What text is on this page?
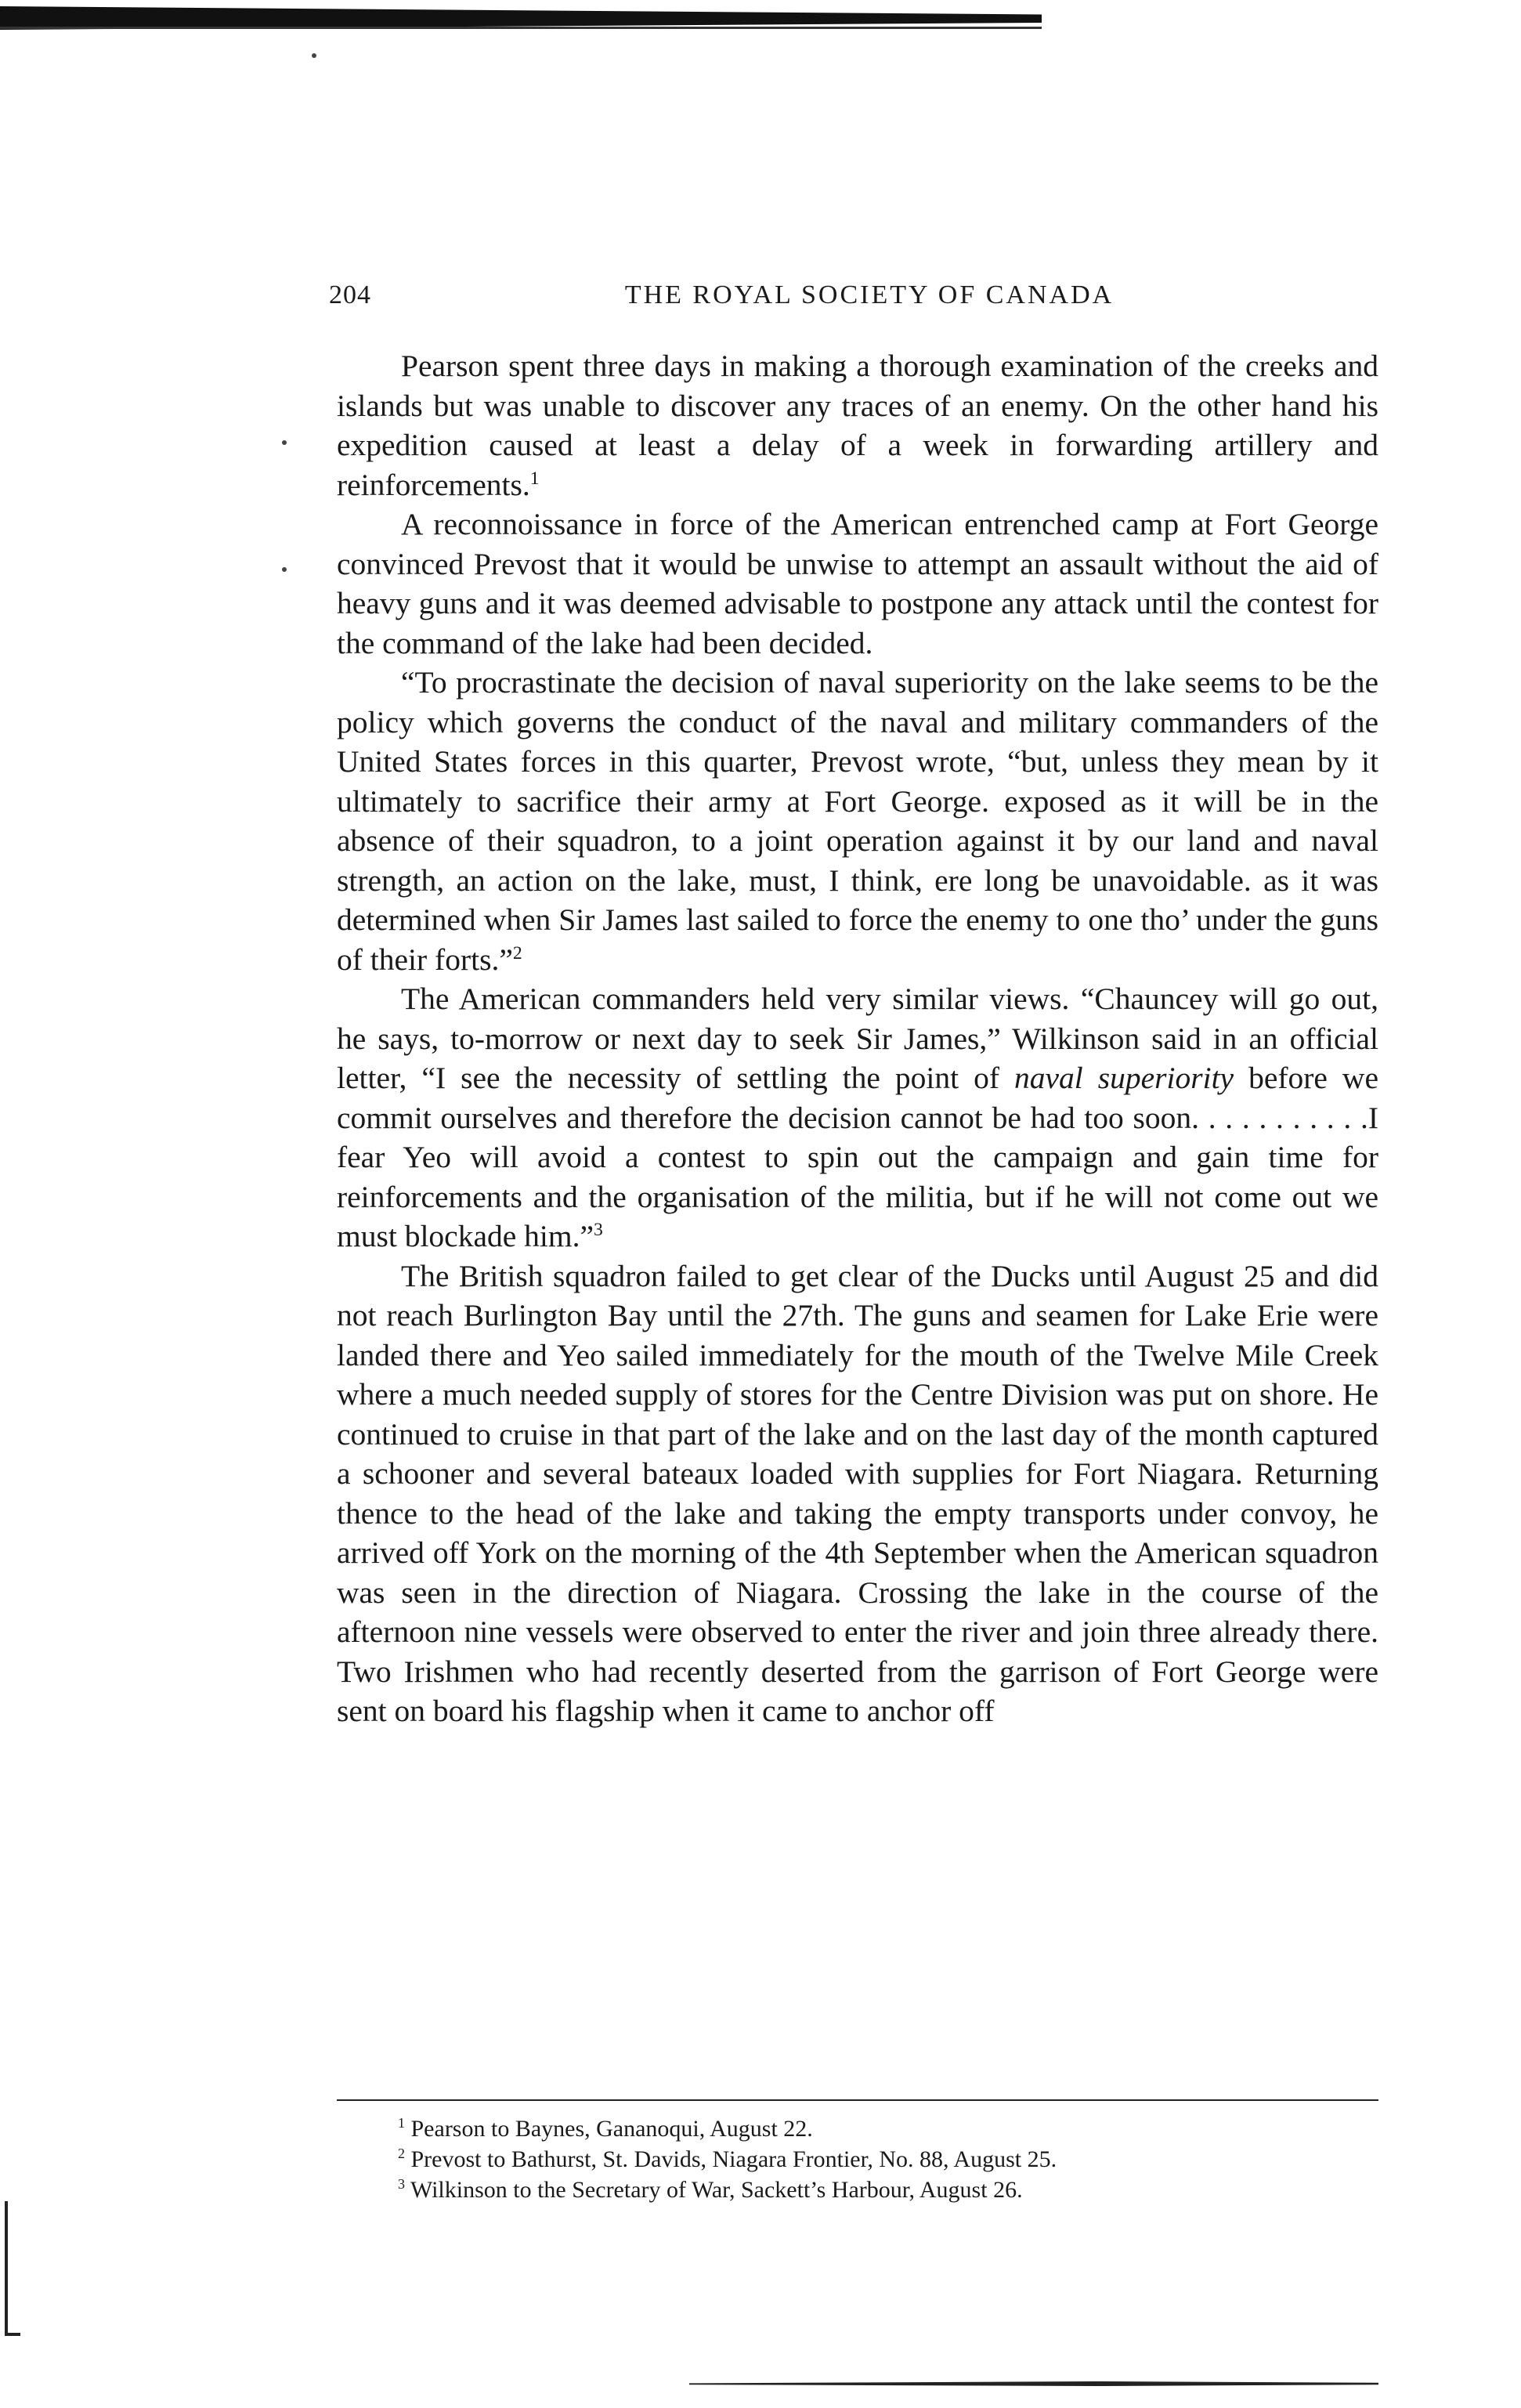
204	THE ROYAL SOCIETY OF CANADA

Pearson spent three days in making a thorough examination of the creeks and islands but was unable to discover any traces of an enemy. On the other hand his expedition caused at least a delay of a week in forwarding artillery and reinforcements.$^1$

A reconnoissance in force of the American entrenched camp at Fort George convinced Prevost that it would be unwise to attempt an assault without the aid of heavy guns and it was deemed advisable to postpone any attack until the contest for the command of the lake had been decided.

“To procrastinate the decision of naval superiority on the lake seems to be the policy which governs the conduct of the naval and military commanders of the United States forces in this quarter, Prevost wrote, “but, unless they mean by it ultimately to sacrifice their army at Fort George. exposed as it will be in the absence of their squadron, to a joint operation against it by our land and naval strength, an action on the lake, must, I think, ere long be unavoidable. as it was determined when Sir James last sailed to force the enemy to one tho’ under the guns of their forts.”$^2$

The American commanders held very similar views. “Chauncey will go out, he says, to-morrow or next day to seek Sir James,” Wilkinson said in an official letter, “I see the necessity of settling the point of naval superiority before we commit ourselves and therefore the decision cannot be had too soon. . . . . . . . . . .I fear Yeo will avoid a contest to spin out the campaign and gain time for reinforcements and the organisation of the militia, but if he will not come out we must blockade him.”$^3$

The British squadron failed to get clear of the Ducks until August 25 and did not reach Burlington Bay until the 27th. The guns and seamen for Lake Erie were landed there and Yeo sailed immediately for the mouth of the Twelve Mile Creek where a much needed supply of stores for the Centre Division was put on shore. He continued to cruise in that part of the lake and on the last day of the month captured a schooner and several bateaux loaded with supplies for Fort Niagara. Returning thence to the head of the lake and taking the empty transports under convoy, he arrived off York on the morning of the 4th September when the American squadron was seen in the direction of Niagara. Crossing the lake in the course of the afternoon nine vessels were observed to enter the river and join three already there. Two Irishmen who had recently deserted from the garrison of Fort George were sent on board his flagship when it came to anchor off

$^1$ Pearson to Baynes, Gananoqui, August 22.

$^2$ Prevost to Bathurst, St. Davids, Niagara Frontier, No. 88, August 25.

$^3$ Wilkinson to the Secretary of War, Sackett’s Harbour, August 26.
